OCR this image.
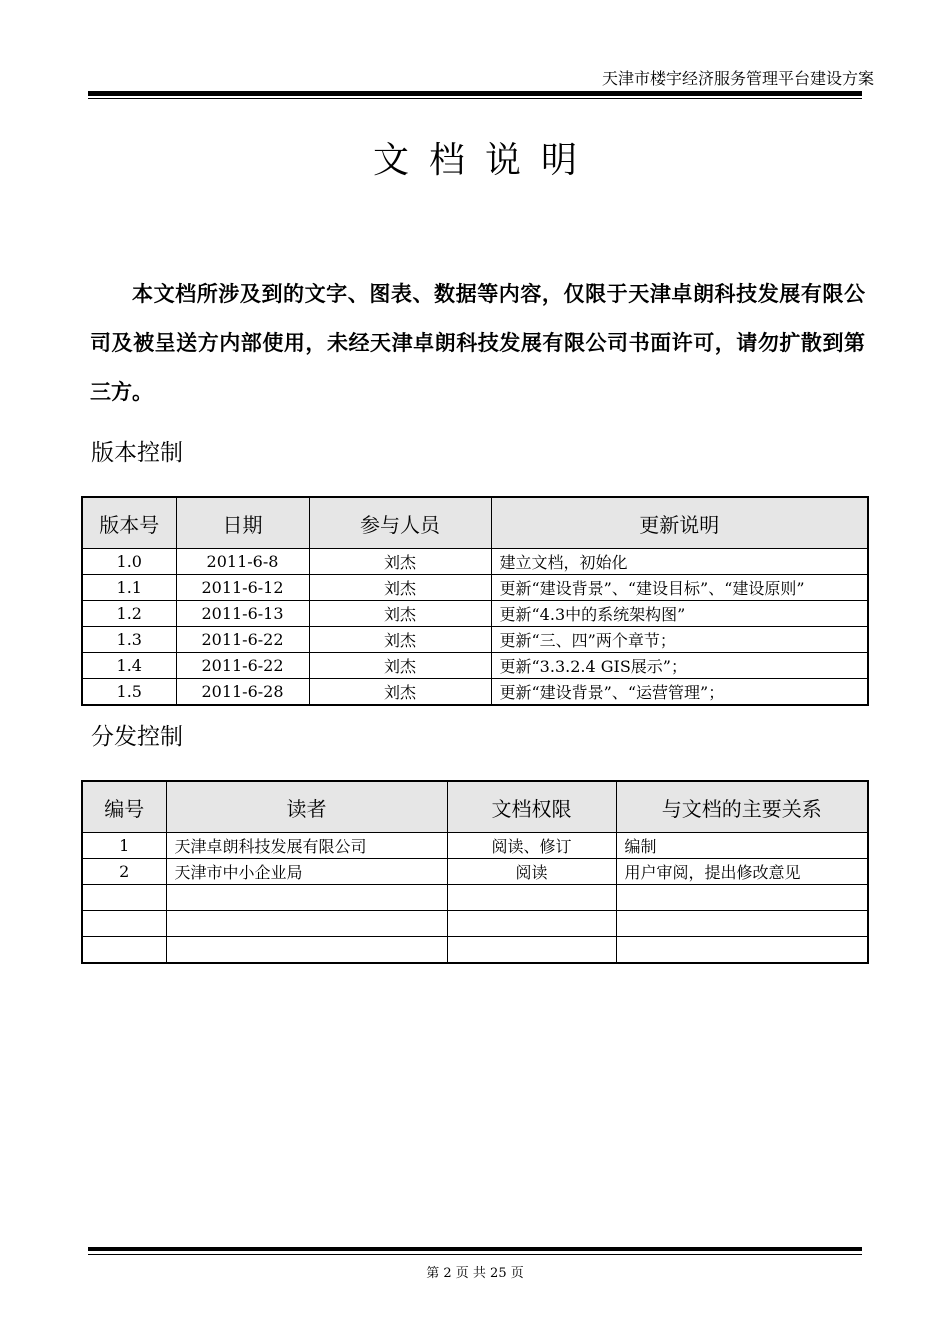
天津市楼宇经济服务管理平台建设方案
文档说明
本文档所涉及到的文字、图表、数据等内容，仅限于天津卓朗科技发展有限公司及被呈送方内部使用，未经天津卓朗科技发展有限公司书面许可，请勿扩散到第三方。
版本控制
版本号	日期	参与人员	更新说明
1.0	2011-6-8	刘杰	建立文档，初始化
1.1	2011-6-12	刘杰	更新“建设背景”、“建设目标”、“建设原则”
1.2	2011-6-13	刘杰	更新“4.3中的系统架构图”
1.3	2011-6-22	刘杰	更新“三、四”两个章节；
1.4	2011-6-22	刘杰	更新“3.3.2.4 GIS展示”；
1.5	2011-6-28	刘杰	更新“建设背景”、“运营管理”；
分发控制
编号	读者	文档权限	与文档的主要关系
1	天津卓朗科技发展有限公司	阅读、修订	编制
2	天津市中小企业局	阅读	用户审阅，提出修改意见

第 2 页 共 25 页
